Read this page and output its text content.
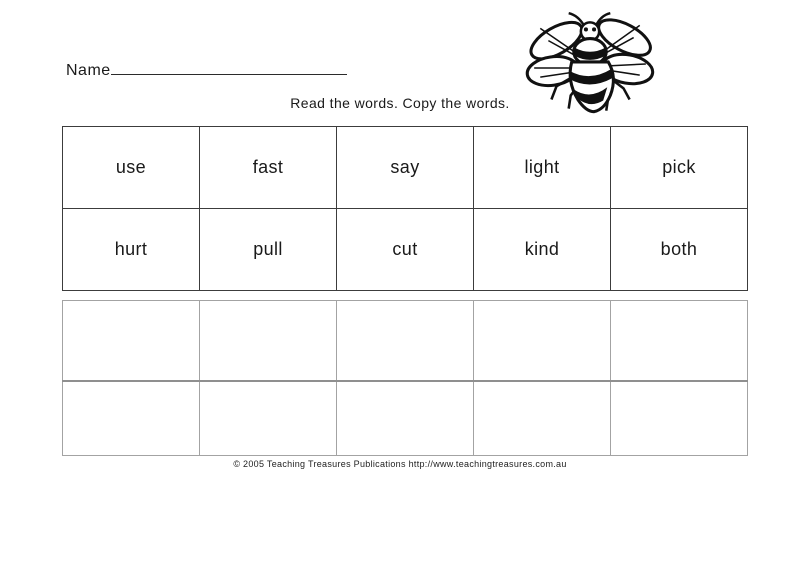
Name
Read the words. Copy the words.
use	fast	say	light	pick
hurt	pull	cut	kind	both

© 2005 Teaching Treasures Publications http://www.teachingtreasures.com.au
